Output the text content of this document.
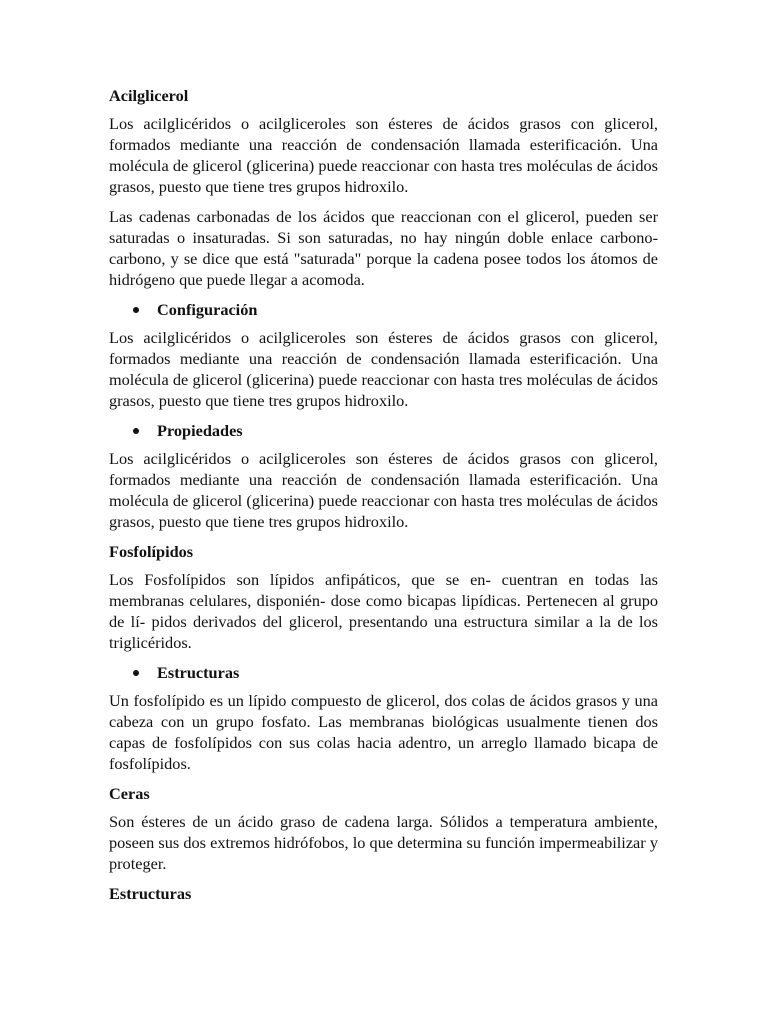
Acilglicerol
Los acilglicéridos o acilgliceroles son ésteres de ácidos grasos con glicerol, formados mediante una reacción de condensación llamada esterificación. Una molécula de glicerol (glicerina) puede reaccionar con hasta tres moléculas de ácidos grasos, puesto que tiene tres grupos hidroxilo.
Las cadenas carbonadas de los ácidos que reaccionan con el glicerol, pueden ser saturadas o insaturadas. Si son saturadas, no hay ningún doble enlace carbono-carbono, y se dice que está "saturada" porque la cadena posee todos los átomos de hidrógeno que puede llegar a acomoda.
Configuración
Los acilglicéridos o acilgliceroles son ésteres de ácidos grasos con glicerol, formados mediante una reacción de condensación llamada esterificación. Una molécula de glicerol (glicerina) puede reaccionar con hasta tres moléculas de ácidos grasos, puesto que tiene tres grupos hidroxilo.
Propiedades
Los acilglicéridos o acilgliceroles son ésteres de ácidos grasos con glicerol, formados mediante una reacción de condensación llamada esterificación. Una molécula de glicerol (glicerina) puede reaccionar con hasta tres moléculas de ácidos grasos, puesto que tiene tres grupos hidroxilo.
Fosfolípidos
Los Fosfolípidos son lípidos anfipáticos, que se en- cuentran en todas las membranas celulares, disponién- dose como bicapas lipídicas. Pertenecen al grupo de lí- pidos derivados del glicerol, presentando una estructura similar a la de los triglicéridos.
Estructuras
Un fosfolípido es un lípido compuesto de glicerol, dos colas de ácidos grasos y una cabeza con un grupo fosfato. Las membranas biológicas usualmente tienen dos capas de fosfolípidos con sus colas hacia adentro, un arreglo llamado bicapa de fosfolípidos.
Ceras
Son ésteres de un ácido graso de cadena larga. Sólidos a temperatura ambiente, poseen sus dos extremos hidrófobos, lo que determina su función impermeabilizar y proteger.
Estructuras
